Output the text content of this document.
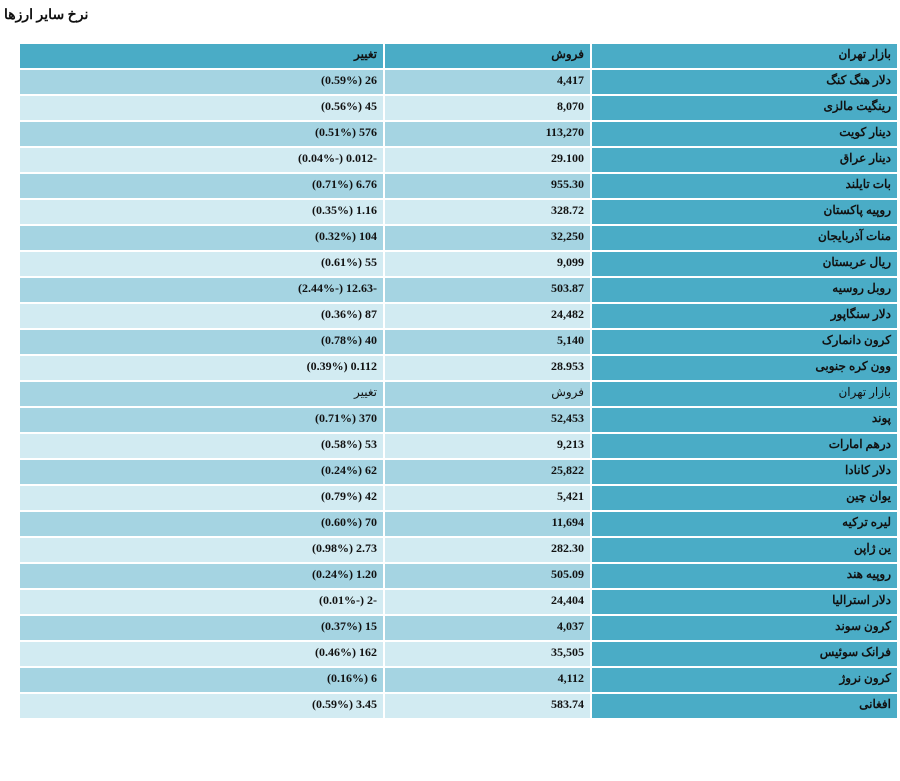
نرخ سایر ارزها
بازار تهران
فروش
تغییر
دلار هنگ کنگ
4,417
26 (0.59%)
رینگیت مالزی
8,070
45 (0.56%)
دینار کویت
113,270
576 (0.51%)
دینار عراق
29.100
-0.012 (-0.04%)
بات تایلند
955.30
6.76 (0.71%)
روپیه پاکستان
328.72
1.16 (0.35%)
منات آذربایجان
32,250
104 (0.32%)
ریال عربستان
9,099
55 (0.61%)
روبل روسیه
503.87
-12.63 (-2.44%)
دلار سنگاپور
24,482
87 (0.36%)
کرون دانمارک
5,140
40 (0.78%)
وون کره جنوبی
28.953
0.112 (0.39%)
بازار تهران
فروش
تغییر
پوند
52,453
370 (0.71%)
درهم امارات
9,213
53 (0.58%)
دلار کانادا
25,822
62 (0.24%)
یوان چین
5,421
42 (0.79%)
لیره ترکیه
11,694
70 (0.60%)
ین ژاپن
282.30
2.73 (0.98%)
روپیه هند
505.09
1.20 (0.24%)
دلار استرالیا
24,404
-2 (-0.01%)
کرون سوند
4,037
15 (0.37%)
فرانک سوئیس
35,505
162 (0.46%)
کرون نروژ
4,112
6 (0.16%)
افغانی
583.74
3.45 (0.59%)
